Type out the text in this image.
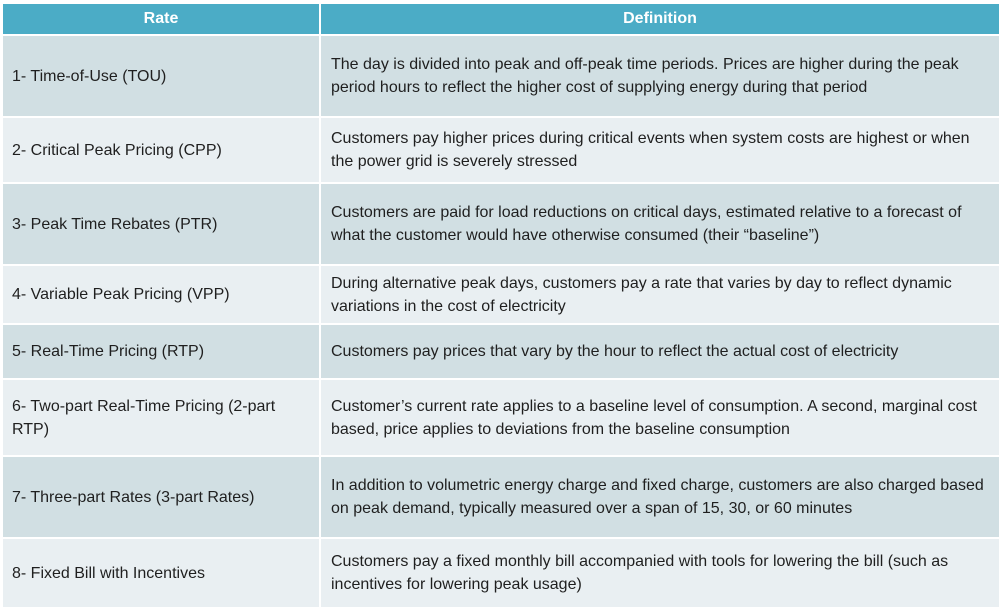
Rate	Definition
1- Time-of-Use (TOU)	The day is divided into peak and off-peak time periods. Prices are higher during the peak period hours to reflect the higher cost of supplying energy during that period
2- Critical Peak Pricing (CPP)	Customers pay higher prices during critical events when system costs are highest or when the power grid is severely stressed
3- Peak Time Rebates (PTR)	Customers are paid for load reductions on critical days, estimated relative to a forecast of what the customer would have otherwise consumed (their “baseline”)
4- Variable Peak Pricing (VPP)	During alternative peak days, customers pay a rate that varies by day to reflect dynamic variations in the cost of electricity
5- Real-Time Pricing (RTP)	Customers pay prices that vary by the hour to reflect the actual cost of electricity
6- Two-part Real-Time Pricing (2-part RTP)	Customer’s current rate applies to a baseline level of consumption. A second, marginal cost based, price applies to deviations from the baseline consumption
7- Three-part Rates (3-part Rates)	In addition to volumetric energy charge and fixed charge, customers are also charged based on peak demand, typically measured over a span of 15, 30, or 60 minutes
8- Fixed Bill with Incentives	Customers pay a fixed monthly bill accompanied with tools for lowering the bill (such as incentives for lowering peak usage)
